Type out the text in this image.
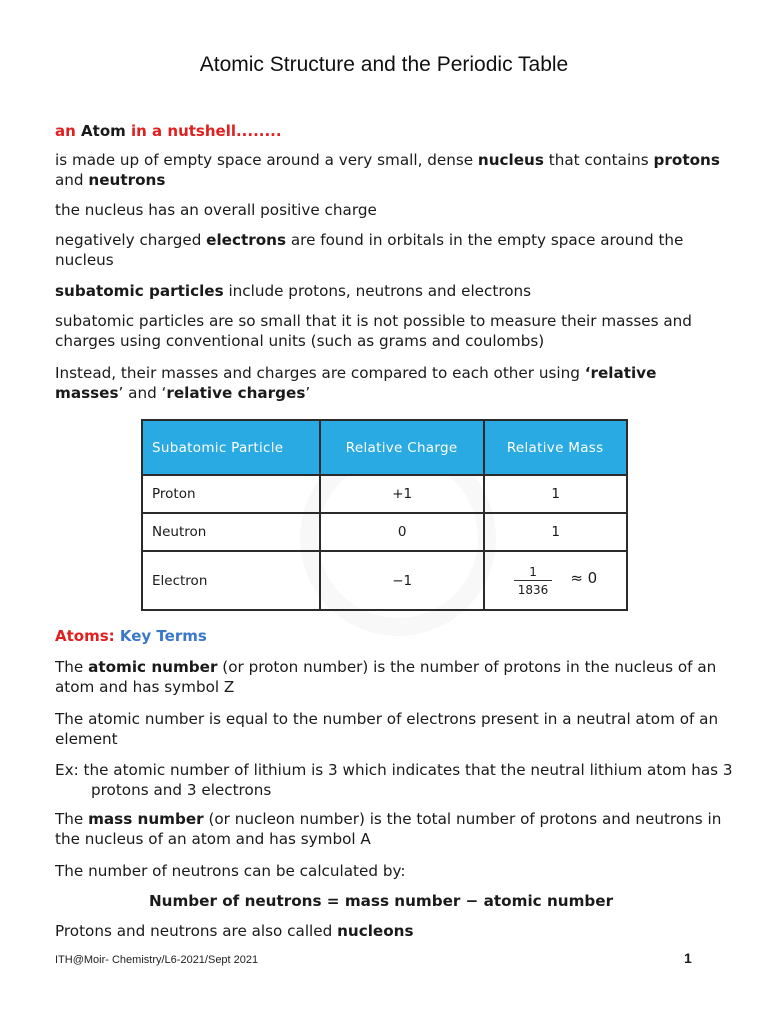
Atomic Structure and the Periodic Table
an Atom in a nutshell........
is made up of empty space around a very small, dense nucleus that contains protons and neutrons
the nucleus has an overall positive charge
negatively charged electrons are found in orbitals in the empty space around the nucleus
subatomic particles include protons, neutrons and electrons
subatomic particles are so small that it is not possible to measure their masses and charges using conventional units (such as grams and coulombs)
Instead, their masses and charges are compared to each other using ‘relative masses’ and ‘relative charges’
Subatomic Particle	Relative Charge	Relative Mass
Proton	+1	1
Neutron	0	1
Electron	−1	$\frac{1}{1836} \approx 0$
Atoms: Key Terms
The atomic number (or proton number) is the number of protons in the nucleus of an atom and has symbol Z
The atomic number is equal to the number of electrons present in a neutral atom of an element
Ex: the atomic number of lithium is 3 which indicates that the neutral lithium atom has 3 protons and 3 electrons
The mass number (or nucleon number) is the total number of protons and neutrons in the nucleus of an atom and has symbol A
The number of neutrons can be calculated by:
Number of neutrons = mass number − atomic number
Protons and neutrons are also called nucleons
ITH@Moir- Chemistry/L6-2021/Sept 2021	1
